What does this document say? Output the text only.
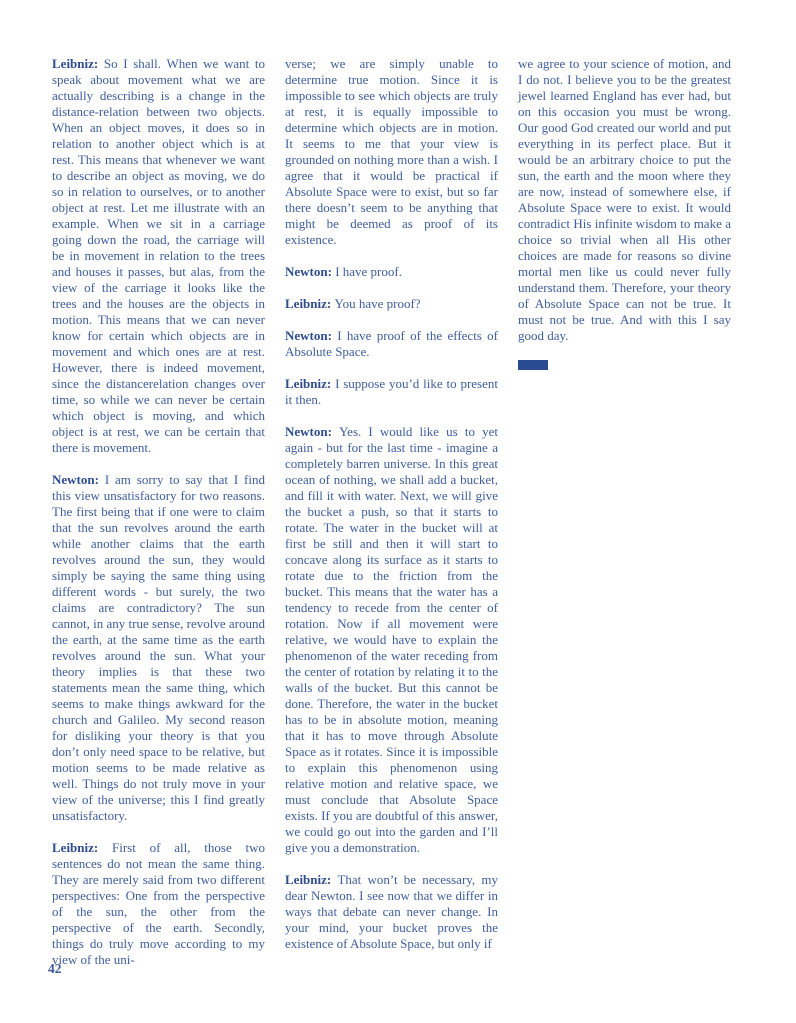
Leibniz: So I shall. When we want to speak about movement what we are actually describing is a change in the distance-relation between two objects. When an object moves, it does so in relation to another object which is at rest. This means that whenever we want to describe an object as moving, we do so in relation to ourselves, or to another object at rest. Let me illustrate with an example. When we sit in a carriage going down the road, the carriage will be in movement in relation to the trees and houses it passes, but alas, from the view of the carriage it looks like the trees and the houses are the objects in motion. This means that we can never know for certain which objects are in movement and which ones are at rest. However, there is indeed movement, since the distancerelation changes over time, so while we can never be certain which object is moving, and which object is at rest, we can be certain that there is movement.

Newton: I am sorry to say that I find this view unsatisfactory for two reasons. The first being that if one were to claim that the sun revolves around the earth while another claims that the earth revolves around the sun, they would simply be saying the same thing using different words - but surely, the two claims are contradictory? The sun cannot, in any true sense, revolve around the earth, at the same time as the earth revolves around the sun. What your theory implies is that these two statements mean the same thing, which seems to make things awkward for the church and Galileo. My second reason for disliking your theory is that you don’t only need space to be relative, but motion seems to be made relative as well. Things do not truly move in your view of the universe; this I find greatly unsatisfactory.

Leibniz: First of all, those two sentences do not mean the same thing. They are merely said from two different perspectives: One from the perspective of the sun, the other from the perspective of the earth. Secondly, things do truly move according to my view of the uni-

verse; we are simply unable to determine true motion. Since it is impossible to see which objects are truly at rest, it is equally impossible to determine which objects are in motion. It seems to me that your view is grounded on nothing more than a wish. I agree that it would be practical if Absolute Space were to exist, but so far there doesn’t seem to be anything that might be deemed as proof of its existence.

Newton: I have proof.

Leibniz: You have proof?

Newton: I have proof of the effects of Absolute Space.

Leibniz: I suppose you’d like to present it then.

Newton: Yes. I would like us to yet again - but for the last time - imagine a completely barren universe. In this great ocean of nothing, we shall add a bucket, and fill it with water. Next, we will give the bucket a push, so that it starts to rotate. The water in the bucket will at first be still and then it will start to concave along its surface as it starts to rotate due to the friction from the bucket. This means that the water has a tendency to recede from the center of rotation. Now if all movement were relative, we would have to explain the phenomenon of the water receding from the center of rotation by relating it to the walls of the bucket. But this cannot be done. Therefore, the water in the bucket has to be in absolute motion, meaning that it has to move through Absolute Space as it rotates. Since it is impossible to explain this phenomenon using relative motion and relative space, we must conclude that Absolute Space exists. If you are doubtful of this answer, we could go out into the garden and I’ll give you a demonstration.

Leibniz: That won’t be necessary, my dear Newton. I see now that we differ in ways that debate can never change. In your mind, your bucket proves the existence of Absolute Space, but only if

we agree to your science of motion, and I do not. I believe you to be the greatest jewel learned England has ever had, but on this occasion you must be wrong. Our good God created our world and put everything in its perfect place. But it would be an arbitrary choice to put the sun, the earth and the moon where they are now, instead of somewhere else, if Absolute Space were to exist. It would contradict His infinite wisdom to make a choice so trivial when all His other choices are made for reasons so divine mortal men like us could never fully understand them. Therefore, your theory of Absolute Space can not be true. It must not be true. And with this I say good day.

42
